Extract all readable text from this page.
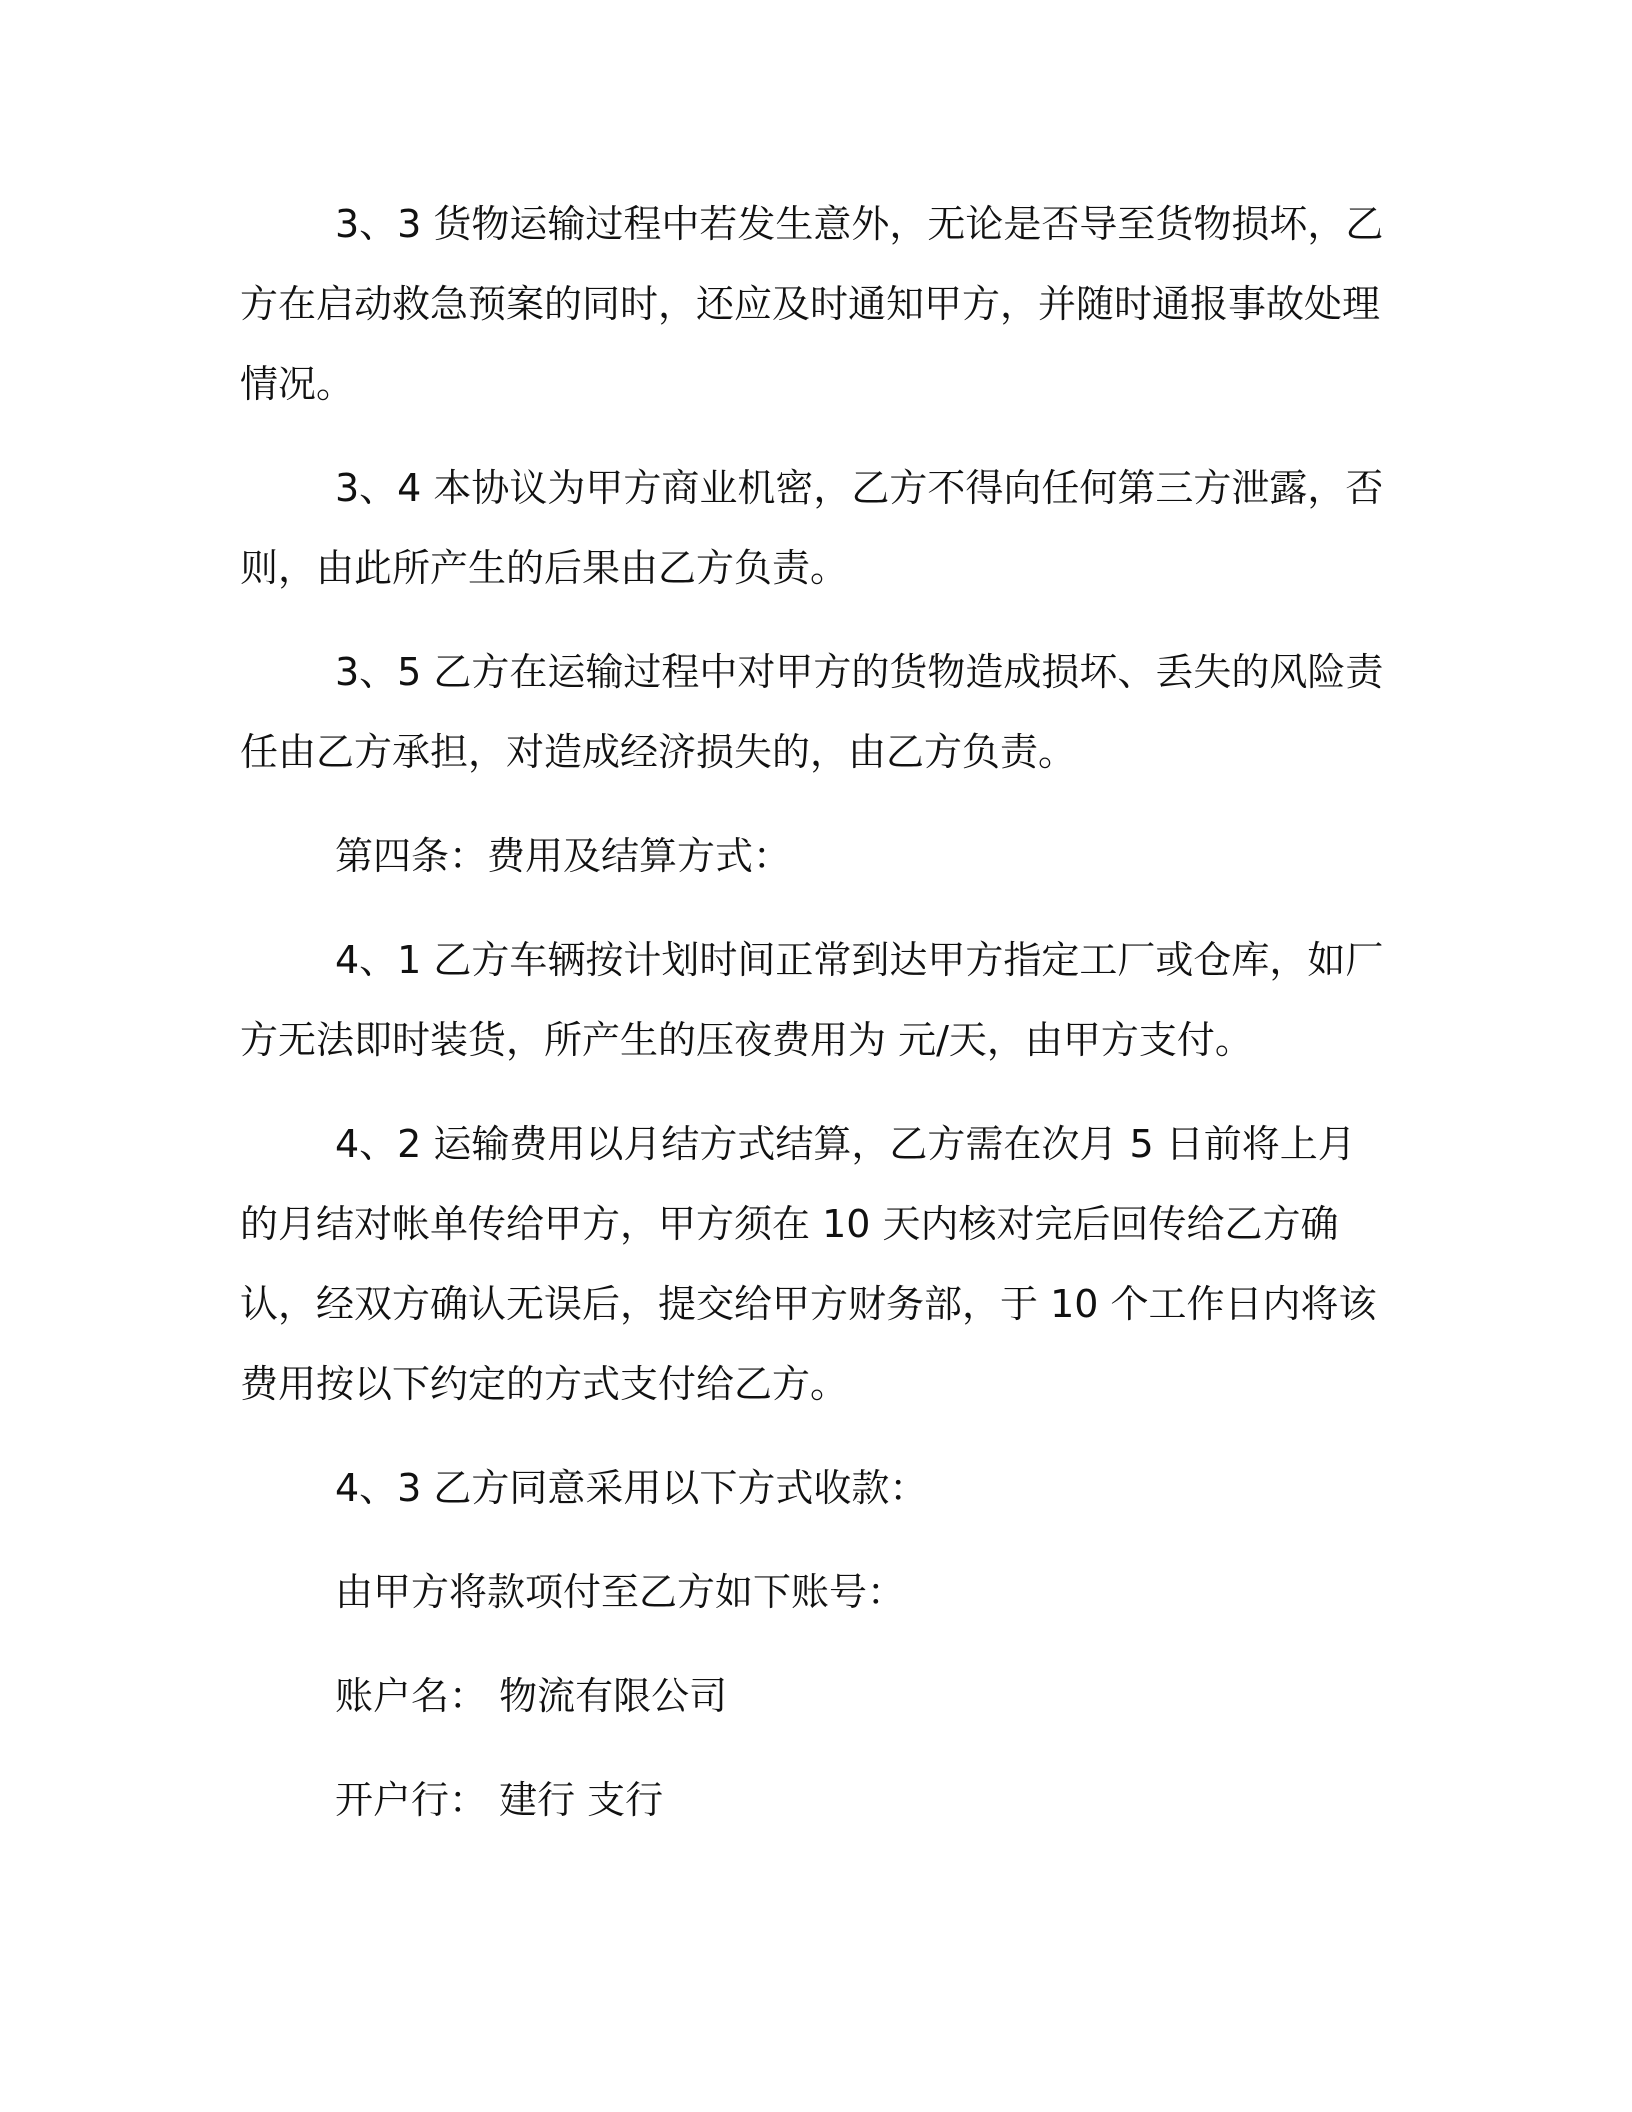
3、3 货物运输过程中若发生意外，无论是否导至货物损坏，乙方在启动救急预案的同时，还应及时通知甲方，并随时通报事故处理情况。

3、4 本协议为甲方商业机密，乙方不得向任何第三方泄露，否则，由此所产生的后果由乙方负责。

3、5 乙方在运输过程中对甲方的货物造成损坏、丢失的风险责任由乙方承担，对造成经济损失的，由乙方负责。

第四条：费用及结算方式：

4、1 乙方车辆按计划时间正常到达甲方指定工厂或仓库，如厂方无法即时装货，所产生的压夜费用为 元/天，由甲方支付。

4、2 运输费用以月结方式结算，乙方需在次月 5 日前将上月的月结对帐单传给甲方，甲方须在 10 天内核对完后回传给乙方确认，经双方确认无误后，提交给甲方财务部，于 10 个工作日内将该费用按以下约定的方式支付给乙方。

4、3 乙方同意采用以下方式收款：

由甲方将款项付至乙方如下账号：

账户名： 物流有限公司

开户行： 建行 支行
